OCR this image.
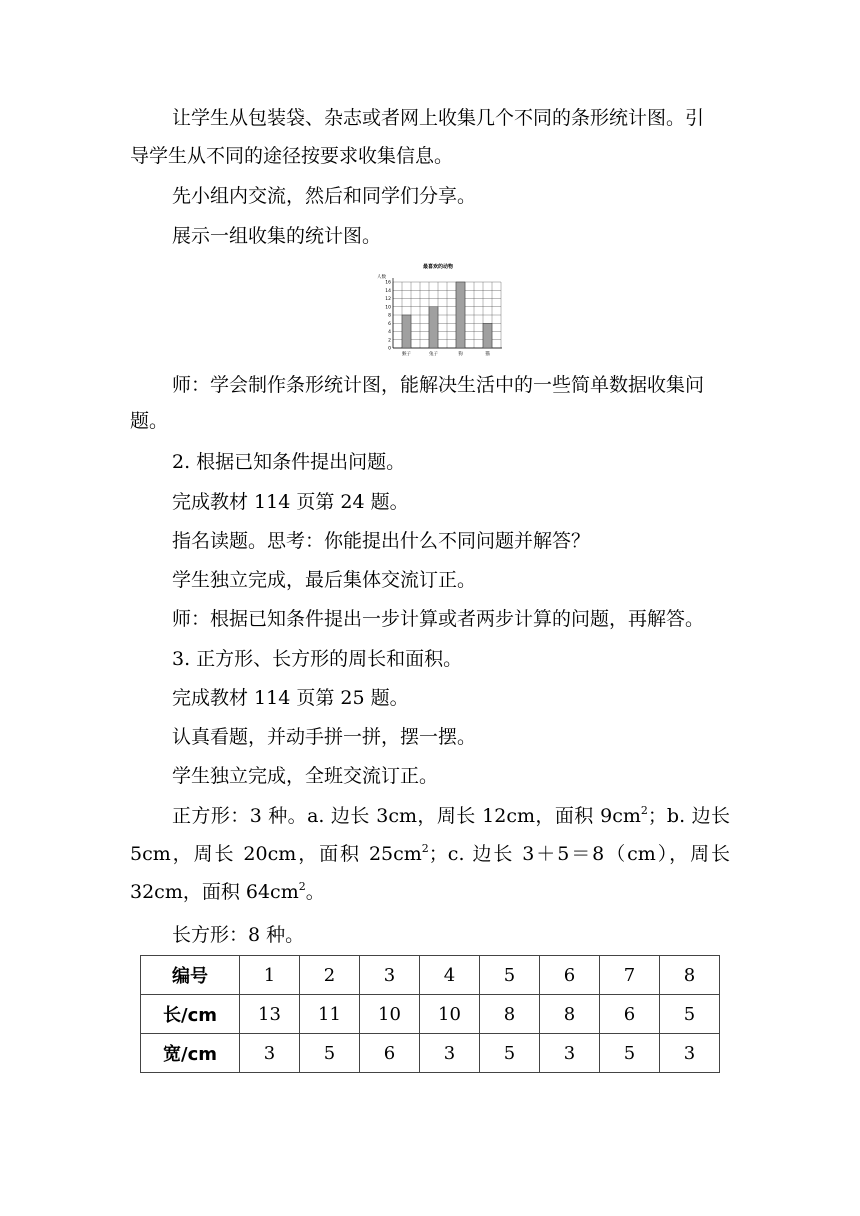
让学生从包装袋、杂志或者网上收集几个不同的条形统计图。引

导学生从不同的途径按要求收集信息。

先小组内交流，然后和同学们分享。

展示一组收集的统计图。

最喜欢的动物
人数
0
2
4
6
8
10
12
14
16
猴子	兔子	狗	猫

师：学会制作条形统计图，能解决生活中的一些简单数据收集问

题。

2. 根据已知条件提出问题。

完成教材 114 页第 24 题。

指名读题。思考：你能提出什么不同问题并解答？

学生独立完成，最后集体交流订正。

师：根据已知条件提出一步计算或者两步计算的问题，再解答。

3. 正方形、长方形的周长和面积。

完成教材 114 页第 25 题。

认真看题，并动手拼一拼，摆一摆。

学生独立完成，全班交流订正。

正方形：3 种。a. 边长 3cm，周长 12cm，面积 $9cm^2$；b. 边长 5cm，周长 20cm，面积 $25cm^2$；c. 边长 3＋5＝8（cm），周长 32cm，面积 $64cm^2$。

长方形：8 种。

编号	1	2	3	4	5	6	7	8
长/cm	13	11	10	10	8	8	6	5
宽/cm	3	5	6	3	5	3	5	3
